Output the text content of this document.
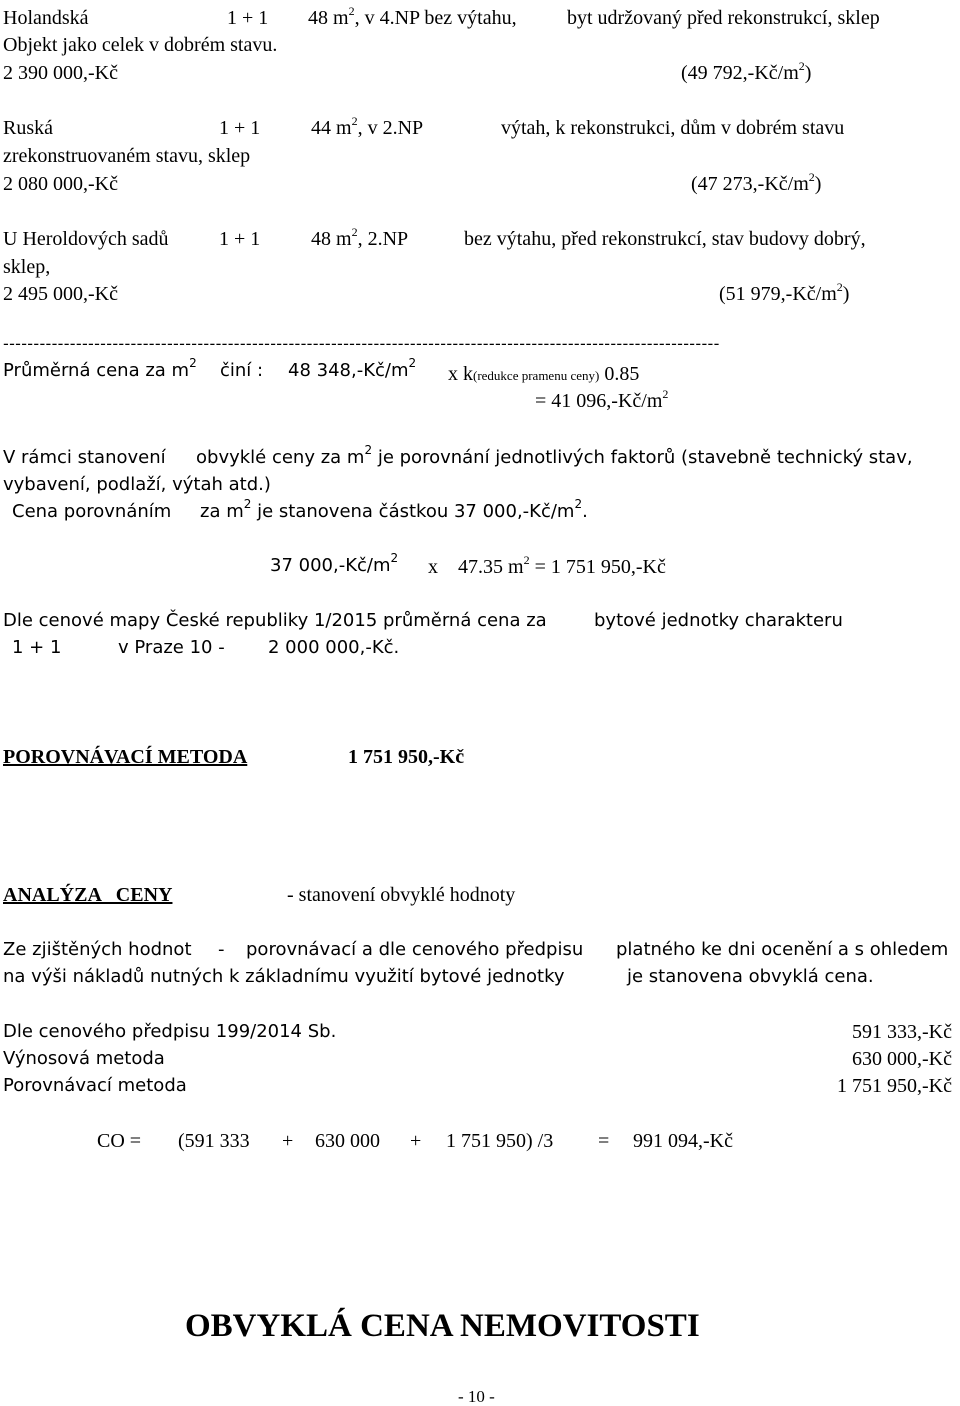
Holandská	1 + 1 48 $m^2$, v 4.NP bez výtahu,	byt udržovaný před rekonstrukcí, sklep
Objekt jako celek v dobrém stavu.
2 390 000,-Kč	(49 $792,-Kč/m^2$)
Ruská	1 + 1	44 $m^2$, v 2.NP	výtah, k rekonstrukci, dům v dobrém stavu
zrekonstruovaném stavu, sklep
2 080 000,-Kč	(47 $273,-Kč/m^2$)
U Heroldových sadů	1 + 1	48 $m^2$, 2.NP	bez výtahu, před rekonstrukcí, stav budovy dobrý,
sklep,
2 495 000,-Kč	(51 $979,-Kč/m^2$)
----------------------------------------------------------------------------------------------------------------------
Průměrná cena za $m^2$ činí : 48 $348,-Kč/m^2$ x k(redukce pramenu ceny) 0.85
= 41 $096,-Kč/m^2$
V rámci stanovení obvyklé ceny za $m^2$ je porovnání jednotlivých faktorů (stavebně technický stav,
vybavení, podlaží, výtah atd.)
Cena porovnáním za $m^2$ je stanovena částkou 37 $000,-Kč/m^2$.
37 $000,-Kč/m^2$ x 47.35 $m^2 = 1$ 751 950,-Kč
Dle cenové mapy České republiky 1/2015 průměrná cena za	bytové jednotky charakteru
1 + 1	v Praze 10 - 2 000 000,-Kč.
POROVNÁVACÍ METODA	1 751 950,-Kč
ANALÝZA   CENY	- stanovení obvyklé hodnoty
Ze zjištěných hodnot - porovnávací a dle cenového předpisu platného ke dni ocenění a s ohledem
na výši nákladů nutných k základnímu využití bytové jednotky	je stanovena obvyklá cena.
Dle cenového předpisu 199/2014 Sb.	591 333,-Kč
Výnosová metoda	630 000,-Kč
Porovnávací metoda	1 751 950,-Kč
CO = (591 333 + 630 000 + 1 751 950) /3 = 991 094,-Kč
OBVYKLÁ CENA NEMOVITOSTI
- 10 -
